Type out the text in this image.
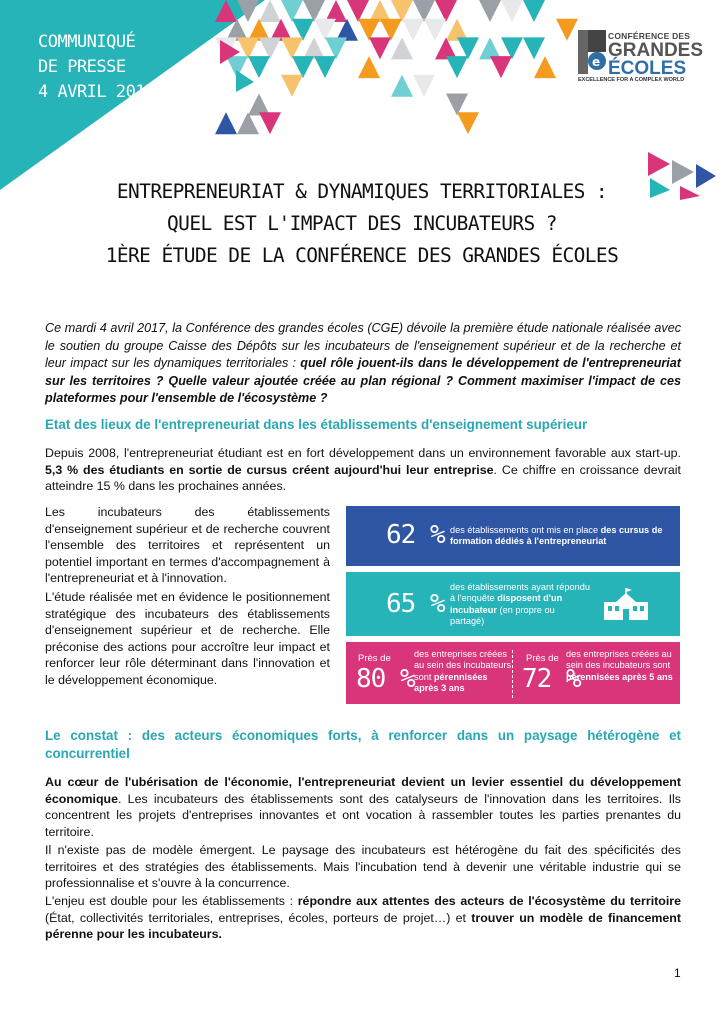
COMMUNIQUÉ
DE PRESSE
4 AVRIL 2017
e
CONFÉRENCE DES
GRANDES
ÉCOLES
EXCELLENCE FOR A COMPLEX WORLD
ENTREPRENEURIAT & DYNAMIQUES TERRITORIALES :
QUEL EST L'IMPACT DES INCUBATEURS ?
1ÈRE ÉTUDE DE LA CONFÉRENCE DES GRANDES ÉCOLES
Ce mardi 4 avril 2017, la Conférence des grandes écoles (CGE) dévoile la première étude nationale réalisée avec le soutien du groupe Caisse des Dépôts sur les incubateurs de l'enseignement supérieur et de la recherche et leur impact sur les dynamiques territoriales : quel rôle jouent-ils dans le développement de l'entrepreneuriat sur les territoires ? Quelle valeur ajoutée créée au plan régional ? Comment maximiser l'impact de ces plateformes pour l'ensemble de l'écosystème ?
Etat des lieux de l'entrepreneuriat dans les établissements d'enseignement supérieur
Depuis 2008, l'entrepreneuriat étudiant est en fort développement dans un environnement favorable aux start-up. 5,3 % des étudiants en sortie de cursus créent aujourd'hui leur entreprise. Ce chiffre en croissance devrait atteindre 15 % dans les prochaines années.
Les incubateurs des établissements d'enseignement supérieur et de recherche couvrent l'ensemble des territoires et représentent un potentiel important en termes d'accompagnement à l'entrepreneuriat et à l'innovation.
L'étude réalisée met en évidence le positionnement stratégique des incubateurs des établissements d'enseignement supérieur et de recherche. Elle préconise des actions pour accroître leur impact et renforcer leur rôle déterminant dans l'innovation et le développement économique.
62 % des établissements ont mis en place des cursus de formation dédiés à l'entrepreneuriat
65 %
des établissements ayant répondu à l'enquête disposent d'un incubateur (en propre ou partagé)
Près de
80 %
des entreprises créées au sein des incubateurs sont pérennisées après 3 ans
Près de
72 %
des entreprises créées au sein des incubateurs sont pérennisées après 5 ans
Le constat : des acteurs économiques forts, à renforcer dans un paysage hétérogène et concurrentiel
Au cœur de l'ubérisation de l'économie, l'entrepreneuriat devient un levier essentiel du développement économique. Les incubateurs des établissements sont des catalyseurs de l'innovation dans les territoires. Ils concentrent les projets d'entreprises innovantes et ont vocation à rassembler toutes les parties prenantes du territoire.
Il n'existe pas de modèle émergent. Le paysage des incubateurs est hétérogène du fait des spécificités des territoires et des stratégies des établissements. Mais l'incubation tend à devenir une véritable industrie qui se professionnalise et s'ouvre à la concurrence.
L'enjeu est double pour les établissements : répondre aux attentes des acteurs de l'écosystème du territoire (État, collectivités territoriales, entreprises, écoles, porteurs de projet…) et trouver un modèle de financement pérenne pour les incubateurs.
1
